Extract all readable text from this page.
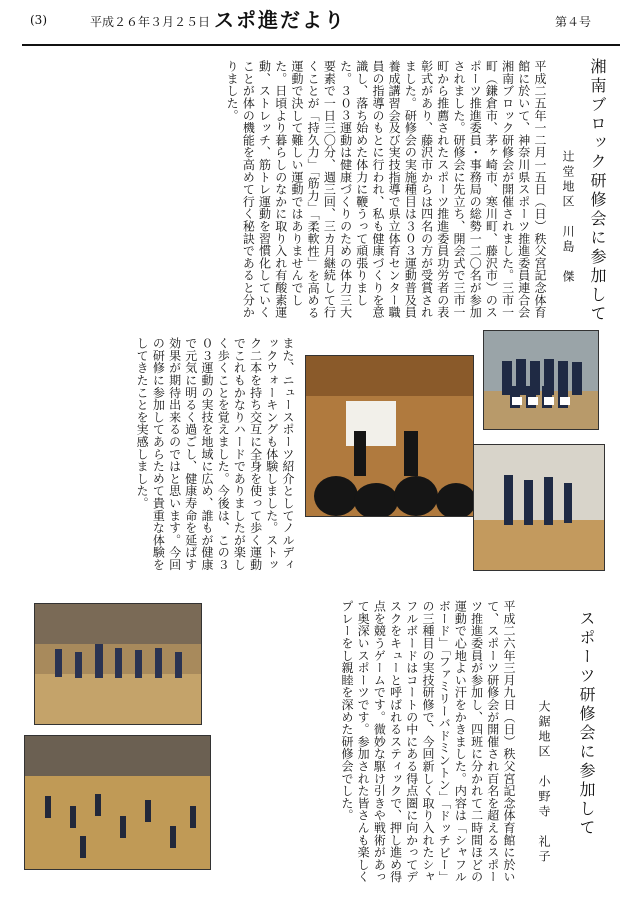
(3)	平成２６年３月２５日 スポ進だより	第４号
湘南ブロック研修会に参加して
辻堂地区　川島　傑
平成二五年一二月一五日（日）秩父宮記念体育館に於いて、神奈川県スポーツ推進委員連合会湘南ブロック研修会が開催されました。三市一町（鎌倉市、茅ヶ崎市、寒川町、藤沢市）のスポーツ推進委員・事務局の総勢一二〇名が参加されました。研修会に先立ち、開会式で三市一町から推薦されたスポーツ推進委員功労者の表彰式があり、藤沢市からは四名の方が受賞されました。研修会の実施種目は３０３運動普及員養成講習会及び実技指導で県立体育センター職員の指導のもとに行われ、私も健康づくりを意識し、落ち始めた体力に鞭うって頑張りました。３０３運動は健康づくりのための体力三大要素で一日三〇分、週三回、三カ月継続して行くことが「持久力」「筋力」「柔軟性」を高める運動で決して難しい運動ではありませんでした。日頃より暮らしのなかに取り入れ有酸素運動、ストレッチ、筋トレ運動を習慣化していくことが体の機能を高めて行く秘訣であると分かりました。
また、ニュースポーツ紹介としてノルディックウォーキングも体験しました。ストック二本を持ち交互に全身を使って歩く運動でこれもかなりハードでありましたが楽しく歩くことを覚えました。今後は、この３０３運動の実技を地域に広め、誰もが健康で元気に明るく過ごし、健康寿命を延ばす効果が期待出来るのではと思います。今回の研修に参加してあらためて貴重な体験をしてきたことを実感しました。
スポーツ研修会に参加して
大鋸地区　小野寺　礼子
平成二六年三月九日（日）秩父宮記念体育館に於いて、スポーツ研修会が開催され百名を超えるスポーツ推進委員が参加し、四班に分かれて二時間ほどの運動で心地よい汗をかきました。内容は「シャフルボード」「ファミリーバドミントン」「ドッチビー」の三種目の実技研修で、今回新しく取り入れたシャフルボードはコートの中にある得点圏に向かってデスクをキューと呼ばれるスティックで、押し進め得点を競うゲームです。微妙な駆け引きや戦術があって奥深いスポーツです。参加された皆さんも楽しくプレーをし親睦を深めた研修会でした。
